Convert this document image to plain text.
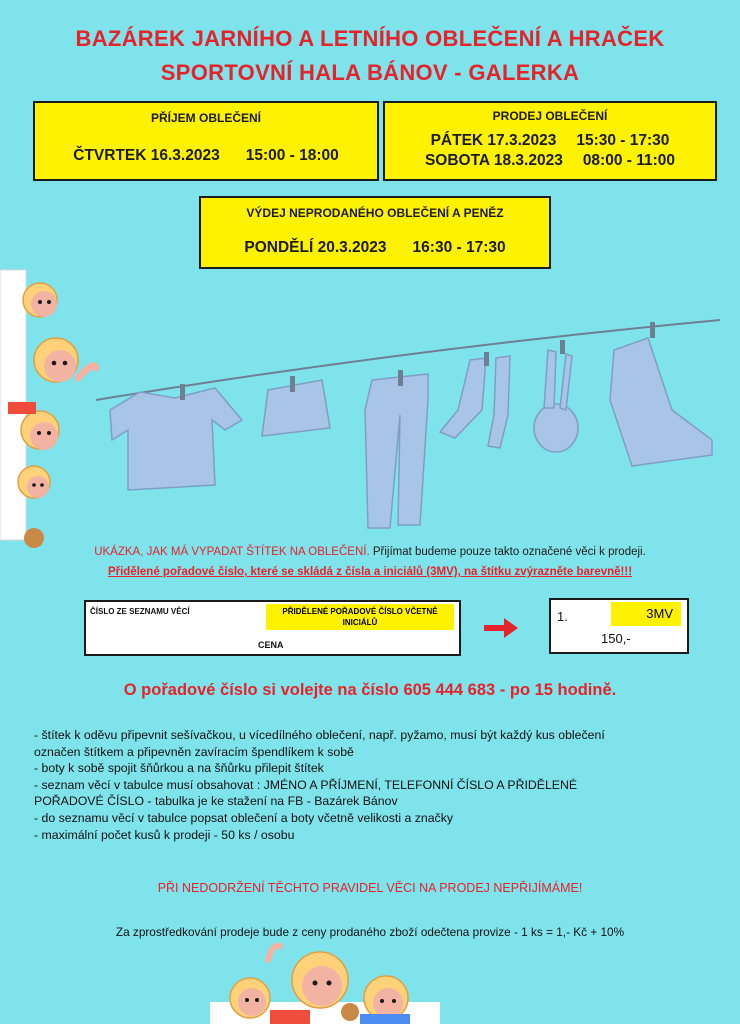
BAZÁREK JARNÍHO A LETNÍHO OBLEČENÍ A HRAČEK
SPORTOVNÍ HALA BÁNOV - GALERKA
PŘÍJEM OBLEČENÍ
ČTVRTEK 16.3.2023 15:00 - 18:00
PRODEJ OBLEČENÍ
PÁTEK 17.3.2023 15:30 - 17:30
SOBOTA 18.3.2023 08:00 - 11:00
VÝDEJ NEPRODANÉHO OBLEČENÍ A PENĚZ
PONDĚLÍ 20.3.2023 16:30 - 17:30
UKÁZKA, JAK MÁ VYPADAT ŠTÍTEK NA OBLEČENÍ. Přijímat budeme pouze takto označené věci k prodeji.
Přidělené pořadové číslo, které se skládá z čísla a iniciálů (3MV), na štítku zvýrazněte barevně!!!
ČÍSLO ZE SEZNAMU VĚCÍ	PŘIDĚLENÉ POŘADOVÉ ČÍSLO VČETNĚ INICIÁLŮ
CENA
1.	3MV
150,-
O pořadové číslo si volejte na číslo 605 444 683 - po 15 hodině.
- štítek k oděvu připevnit sešívačkou, u vícedílného oblečení, např. pyžamo, musí být každý kus oblečení
označen štítkem a připevněn zavíracím špendlíkem k sobě
- boty k sobě spojit šňůrkou a na šňůrku přilepit štítek
- seznam věcí v tabulce musí obsahovat : JMÉNO A PŘÍJMENÍ, TELEFONNÍ ČÍSLO A PŘIDĚLENÉ
POŘADOVÉ ČÍSLO - tabulka je ke stažení na FB - Bazárek Bánov
- do seznamu věcí v tabulce popsat oblečení a boty včetně velikosti a značky
- maximální počet kusů k prodeji - 50 ks / osobu
PŘI NEDODRŽENÍ TĚCHTO PRAVIDEL VĚCI NA PRODEJ NEPŘIJÍMÁME!
Za zprostředkování prodeje bude z ceny prodaného zboží odečtena provize - 1 ks = 1,- Kč + 10%
